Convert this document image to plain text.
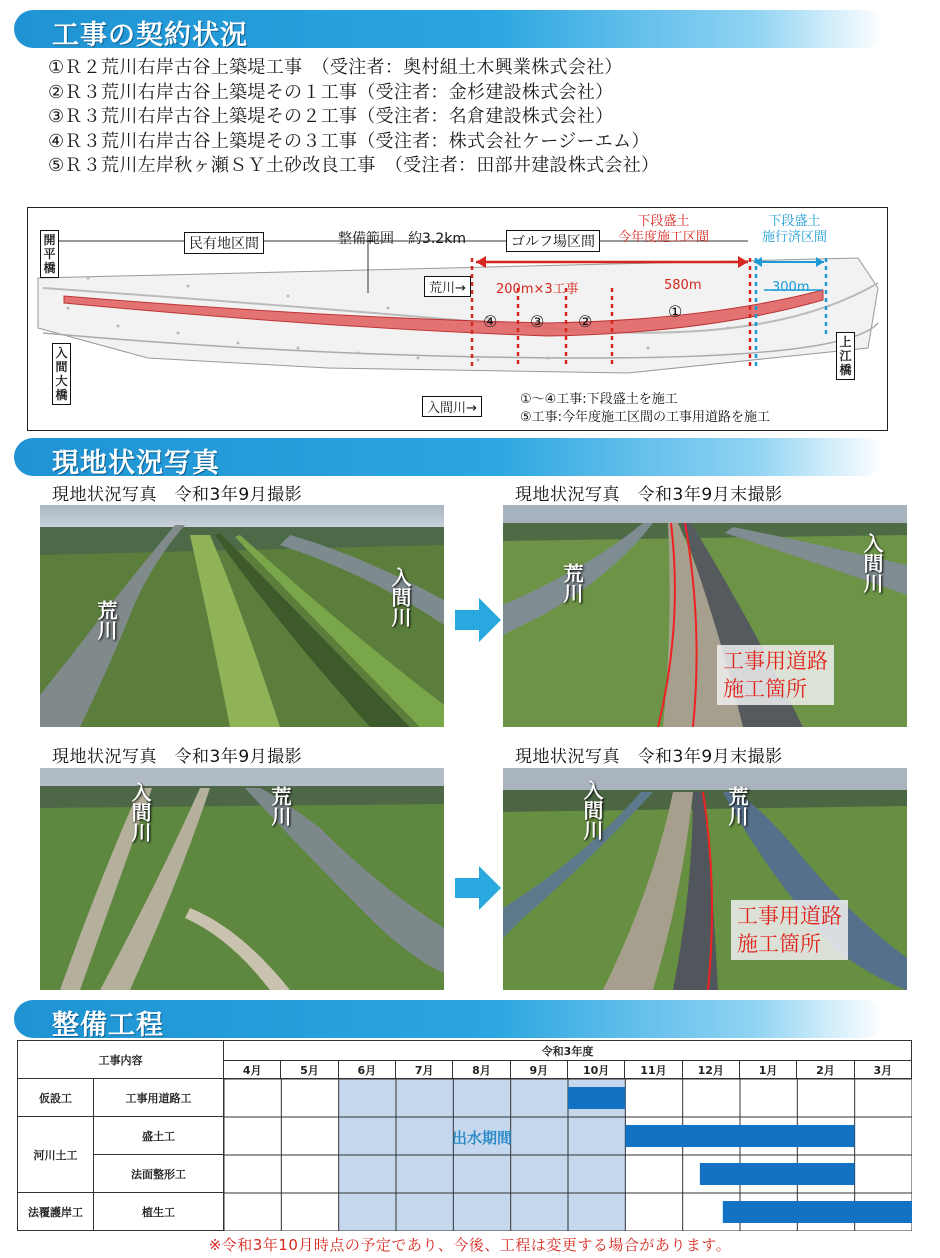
工事の契約状況
①Ｒ２荒川右岸古谷上築堤工事　（受注者：奥村組土木興業株式会社）
②Ｒ３荒川右岸古谷上築堤その１工事（受注者：金杉建設株式会社）
③Ｒ３荒川右岸古谷上築堤その２工事（受注者：名倉建設株式会社）
④Ｒ３荒川右岸古谷上築堤その３工事（受注者：株式会社ケージーエム）
⑤Ｒ３荒川左岸秋ヶ瀬ＳＹ土砂改良工事　（受注者：田部井建設株式会社）
開平橋
入間大橋
上江橋
民有地区間	整備範囲　約3.2km	ゴルフ場区間
下段盛土
今年度施工区間
下段盛土
施行済区間
荒川→	200m×3工事	580m	300m
④ ③ ②
①
①～④工事:下段盛土を施工
入間川→
⑤工事:今年度施工区間の工事用道路を施工
現地状況写真
現地状況写真　令和3年9月撮影	現地状況写真　令和3年9月末撮影
荒川	入間川	荒川	入間川
工事用道路
施工箇所
現地状況写真　令和3年9月撮影	現地状況写真　令和3年9月末撮影
入間川	荒川	入間川	荒川
工事用道路
施工箇所
整備工程
工事内容		令和3年度											
		4月	5月	6月	7月	8月	9月	10月	11月	12月	1月	2月	3月
仮設工	工事用道路工												
河川土工	盛土工												
	法面整形工												
法覆護岸工	植生工												
出水期間
※令和3年10月時点の予定であり、今後、工程は変更する場合があります。
